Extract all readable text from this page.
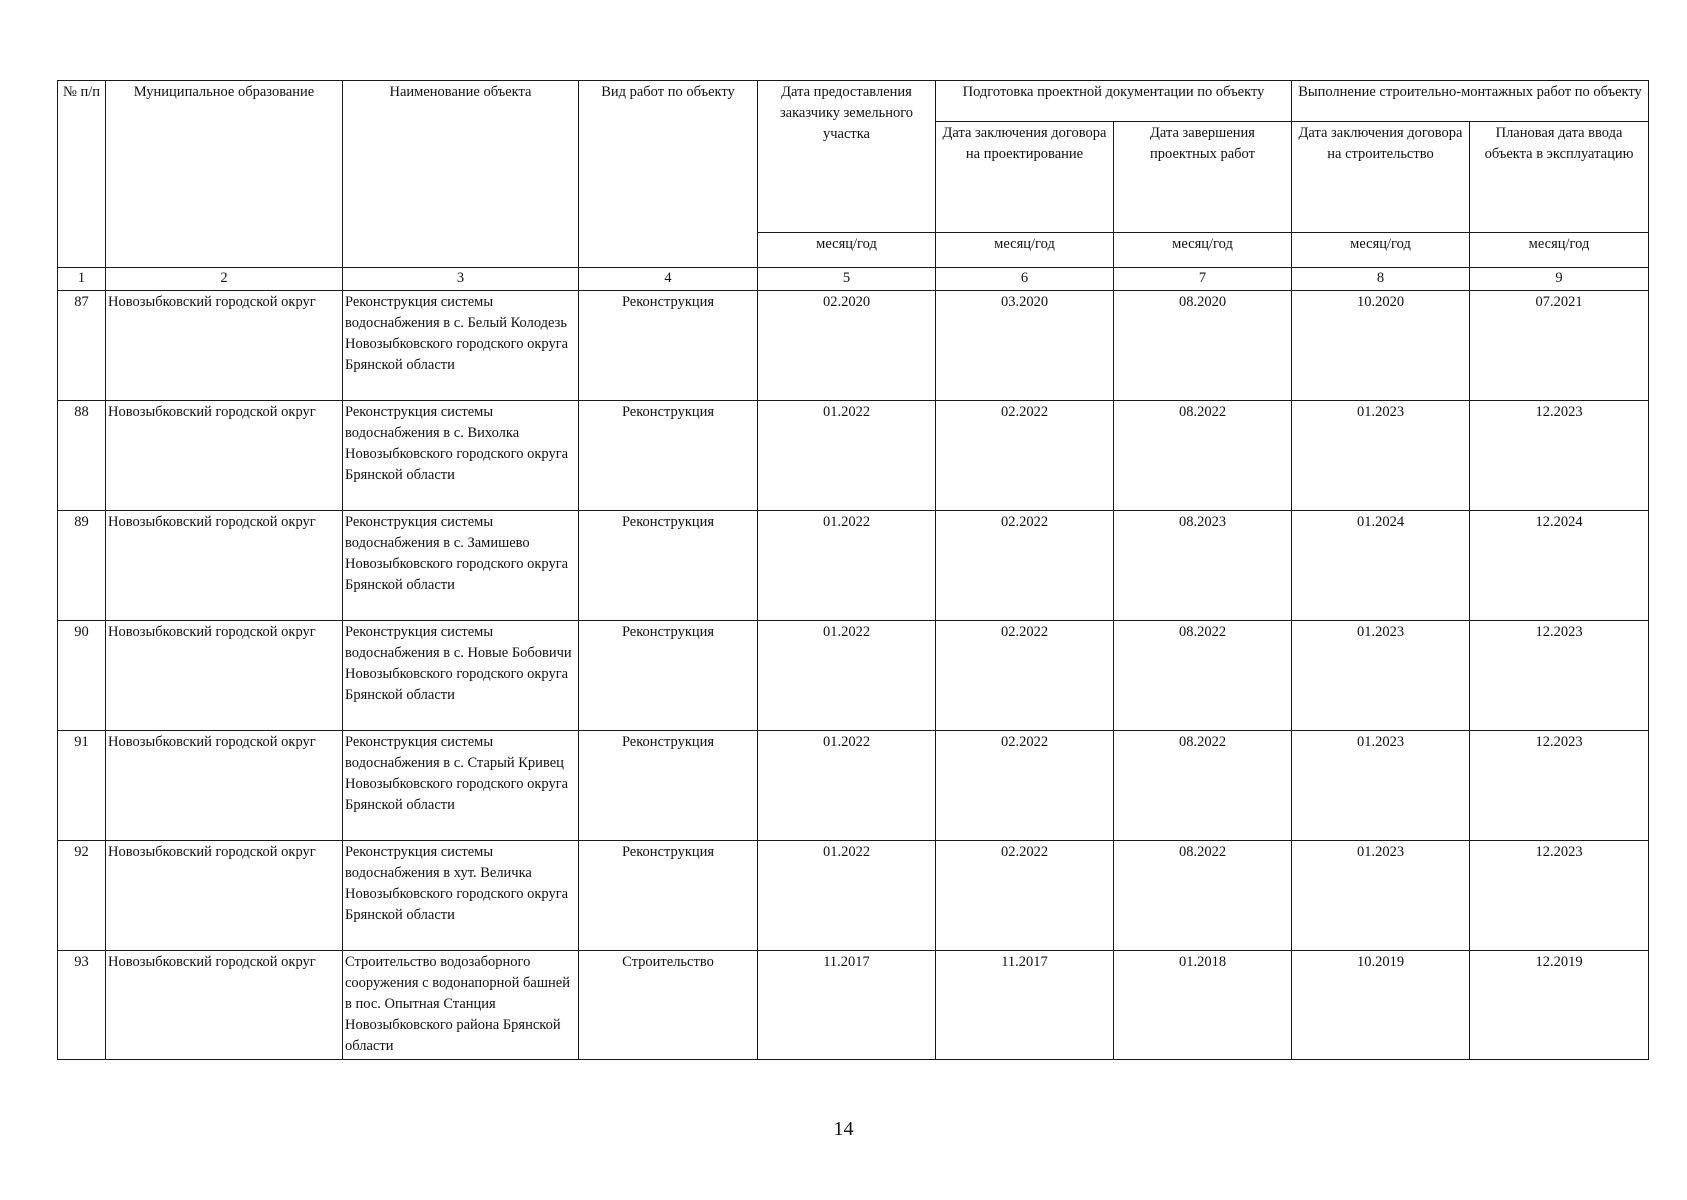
№ п/п	Муниципальное образование	Наименование объекта	Вид работ по объекту	Дата предоставления заказчику земельного участка	Подготовка проектной документации по объекту		Выполнение строительно-монтажных работ по объекту	
					Дата заключения договора на проектирование	Дата завершения проектных работ	Дата заключения договора на строительство	Плановая дата ввода объекта в эксплуатацию
				месяц/год	месяц/год	месяц/год	месяц/год	месяц/год
1	2	3	4	5	6	7	8	9
87	Новозыбковский городской округ	Реконструкция системы водоснабжения в с. Белый Колодезь Новозыбковского городского округа Брянской области	Реконструкция	02.2020	03.2020	08.2020	10.2020	07.2021
88	Новозыбковский городской округ	Реконструкция системы водоснабжения в с. Вихолка Новозыбковского городского округа Брянской области	Реконструкция	01.2022	02.2022	08.2022	01.2023	12.2023
89	Новозыбковский городской округ	Реконструкция системы водоснабжения в с. Замишево Новозыбковского городского округа Брянской области	Реконструкция	01.2022	02.2022	08.2023	01.2024	12.2024
90	Новозыбковский городской округ	Реконструкция системы водоснабжения в с. Новые Бобовичи Новозыбковского городского округа Брянской области	Реконструкция	01.2022	02.2022	08.2022	01.2023	12.2023
91	Новозыбковский городской округ	Реконструкция системы водоснабжения в с. Старый Кривец Новозыбковского городского округа Брянской области	Реконструкция	01.2022	02.2022	08.2022	01.2023	12.2023
92	Новозыбковский городской округ	Реконструкция системы водоснабжения в хут. Величка Новозыбковского городского округа Брянской области	Реконструкция	01.2022	02.2022	08.2022	01.2023	12.2023
93	Новозыбковский городской округ	Строительство водозаборного сооружения с водонапорной башней в пос. Опытная Станция Новозыбковского района Брянской области	Строительство	11.2017	11.2017	01.2018	10.2019	12.2019
14
